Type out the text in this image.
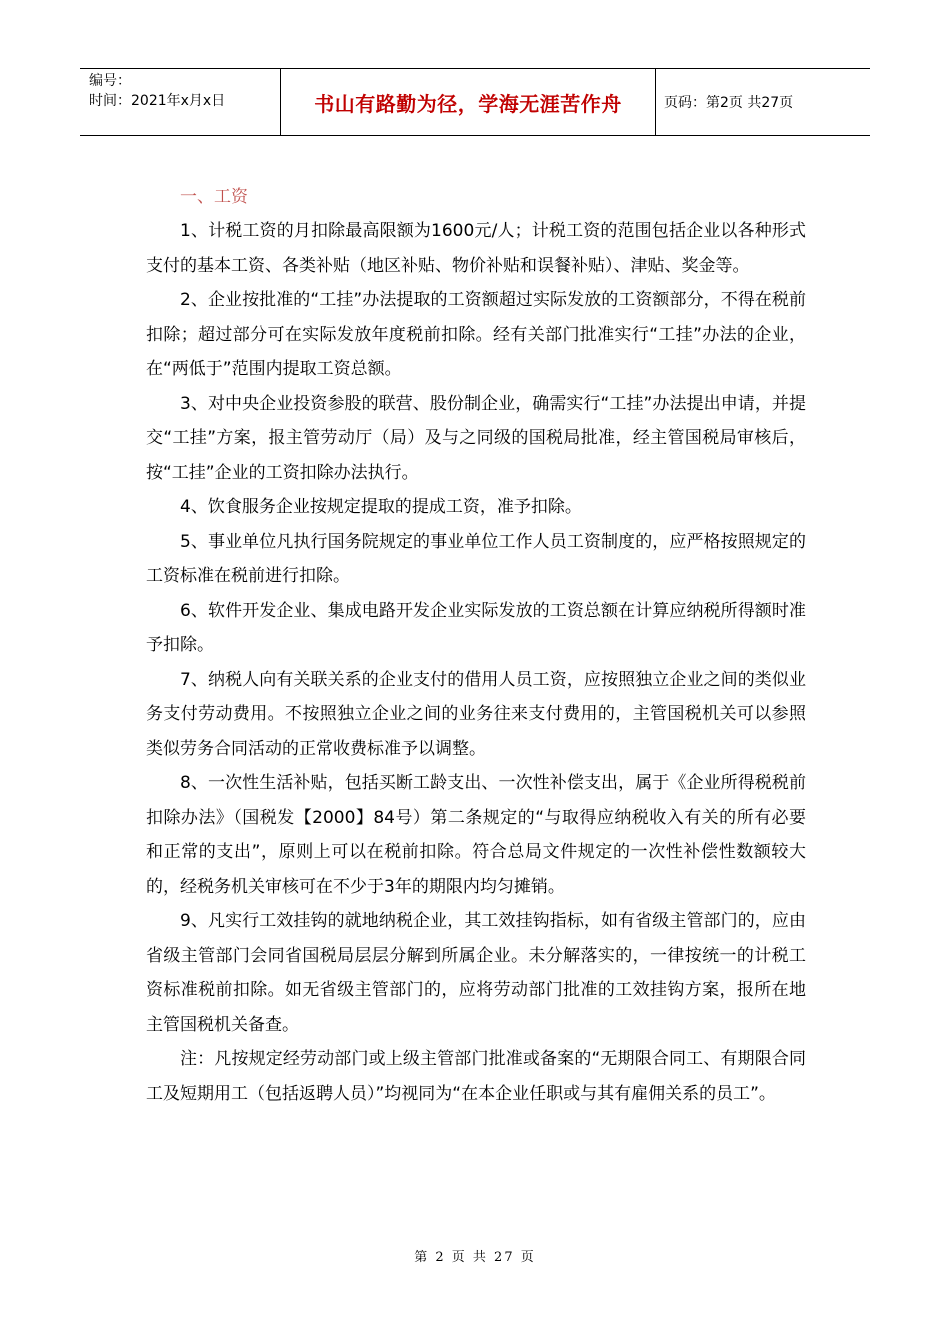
编号：
时间：2021年x月x日	书山有路勤为径，学海无涯苦作舟	页码：第2页 共27页
一、工资

1、计税工资的月扣除最高限额为1600元/人；计税工资的范围包括企业以各种形式支付的基本工资、各类补贴（地区补贴、物价补贴和误餐补贴）、津贴、奖金等。

2、企业按批准的“工挂”办法提取的工资额超过实际发放的工资额部分，不得在税前扣除；超过部分可在实际发放年度税前扣除。经有关部门批准实行“工挂”办法的企业，在“两低于”范围内提取工资总额。

3、对中央企业投资参股的联营、股份制企业，确需实行“工挂”办法提出申请，并提交“工挂”方案，报主管劳动厅（局）及与之同级的国税局批准，经主管国税局审核后，按“工挂”企业的工资扣除办法执行。

4、饮食服务企业按规定提取的提成工资，准予扣除。

5、事业单位凡执行国务院规定的事业单位工作人员工资制度的，应严格按照规定的工资标准在税前进行扣除。

6、软件开发企业、集成电路开发企业实际发放的工资总额在计算应纳税所得额时准予扣除。

7、纳税人向有关联关系的企业支付的借用人员工资，应按照独立企业之间的类似业务支付劳动费用。不按照独立企业之间的业务往来支付费用的，主管国税机关可以参照类似劳务合同活动的正常收费标准予以调整。

8、一次性生活补贴，包括买断工龄支出、一次性补偿支出，属于《企业所得税税前扣除办法》（国税发【2000】84号）第二条规定的“与取得应纳税收入有关的所有必要和正常的支出”，原则上可以在税前扣除。符合总局文件规定的一次性补偿性数额较大的，经税务机关审核可在不少于3年的期限内均匀摊销。

9、凡实行工效挂钩的就地纳税企业，其工效挂钩指标，如有省级主管部门的，应由省级主管部门会同省国税局层层分解到所属企业。未分解落实的，一律按统一的计税工资标准税前扣除。如无省级主管部门的，应将劳动部门批准的工效挂钩方案，报所在地主管国税机关备查。

注：凡按规定经劳动部门或上级主管部门批准或备案的“无期限合同工、有期限合同工及短期用工（包括返聘人员）”均视同为“在本企业任职或与其有雇佣关系的员工”。

第 2 页 共 27 页
